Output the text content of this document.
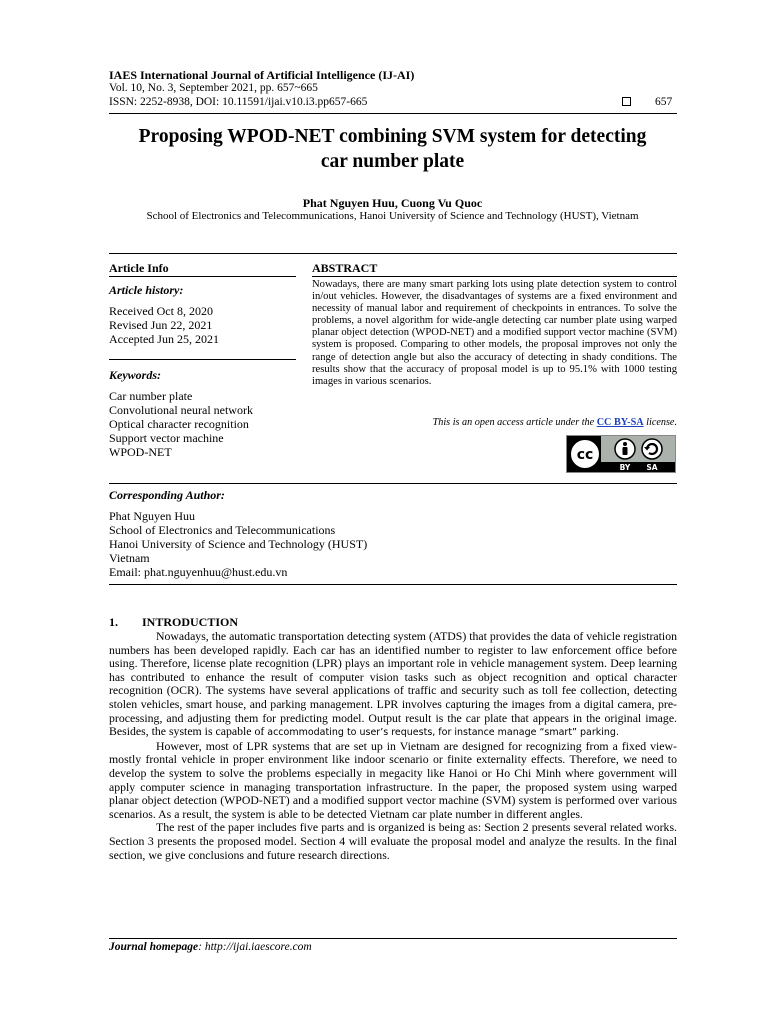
IAES International Journal of Artificial Intelligence (IJ-AI)
Vol. 10, No. 3, September 2021, pp. 657~665
ISSN: 2252-8938, DOI: 10.11591/ijai.v10.i3.pp657-665	657
Proposing WPOD-NET combining SVM system for detecting
car number plate
Phat Nguyen Huu, Cuong Vu Quoc
School of Electronics and Telecommunications, Hanoi University of Science and Technology (HUST), Vietnam
Article Info	ABSTRACT
Article history:
Received Oct 8, 2020
Revised Jun 22, 2021
Accepted Jun 25, 2021
Keywords:
Car number plate
Convolutional neural network
Optical character recognition
Support vector machine
WPOD-NET
Nowadays, there are many smart parking lots using plate detection system to control in/out vehicles. However, the disadvantages of systems are a fixed environment and necessity of manual labor and requirement of checkpoints in entrances. To solve the problems, a novel algorithm for wide-angle detecting car number plate using warped planar object detection (WPOD-NET) and a modified support vector machine (SVM) system is proposed. Comparing to other models, the proposal improves not only the range of detection angle but also the accuracy of detecting in shady conditions. The results show that the accuracy of proposal model is up to 95.1% with 1000 testing images in various scenarios.
This is an open access article under the CC BY-SA license.
cc
BY SA
Corresponding Author:
Phat Nguyen Huu
School of Electronics and Telecommunications
Hanoi University of Science and Technology (HUST)
Vietnam
Email: phat.nguyenhuu@hust.edu.vn
1.        INTRODUCTION

Nowadays, the automatic transportation detecting system (ATDS) that provides the data of vehicle registration numbers has been developed rapidly. Each car has an identified number to register to law enforcement office before using. Therefore, license plate recognition (LPR) plays an important role in vehicle management system. Deep learning has contributed to enhance the result of computer vision tasks such as object recognition and optical character recognition (OCR). The systems have several applications of traffic and security such as toll fee collection, detecting stolen vehicles, smart house, and parking management. LPR involves capturing the images from a digital camera, pre-processing, and adjusting them for predicting model. Output result is the car plate that appears in the original image. Besides, the system is capable of accommodating to user’s requests, for instance manage “smart” parking.

However, most of LPR systems that are set up in Vietnam are designed for recognizing from a fixed view-mostly frontal vehicle in proper environment like indoor scenario or finite externality effects. Therefore, we need to develop the system to solve the problems especially in megacity like Hanoi or Ho Chi Minh where government will apply computer science in managing transportation infrastructure. In the paper, the proposed system using warped planar object detection (WPOD-NET) and a modified support vector machine (SVM) system is performed over various scenarios. As a result, the system is able to be detected Vietnam car plate number in different angles.

The rest of the paper includes five parts and is organized is being as: Section 2 presents several related works. Section 3 presents the proposed model. Section 4 will evaluate the proposal model and analyze the results. In the final section, we give conclusions and future research directions.

Journal homepage: http://ijai.iaescore.com
